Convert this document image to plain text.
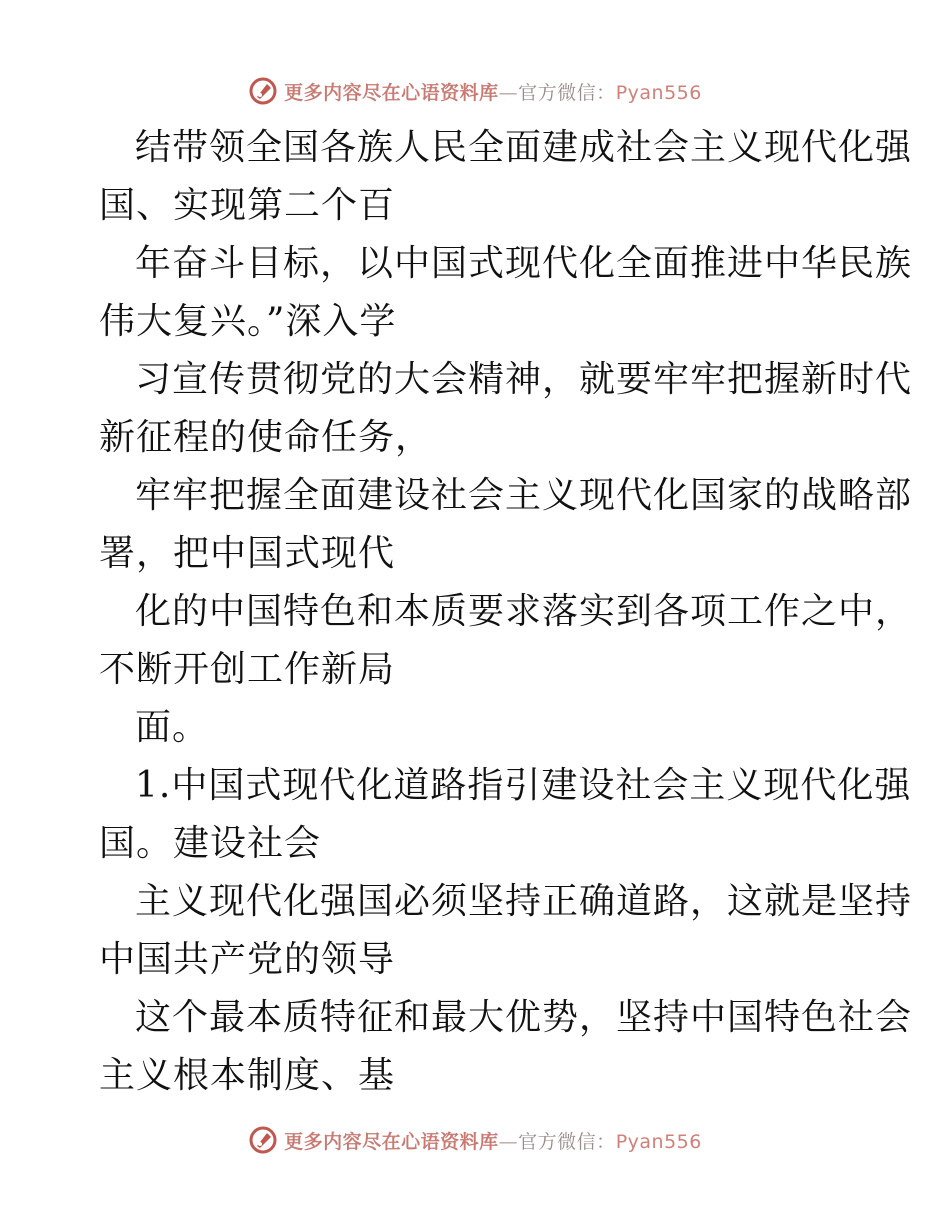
更多内容尽在心语资料库—官方微信：Pyan556
结带领全国各族人民全面建成社会主义现代化强
国、实现第二个百
年奋斗目标，以中国式现代化全面推进中华民族
伟大复兴。”深入学
习宣传贯彻党的大会精神，就要牢牢把握新时代
新征程的使命任务，
牢牢把握全面建设社会主义现代化国家的战略部
署，把中国式现代
化的中国特色和本质要求落实到各项工作之中，
不断开创工作新局
面。
1.中国式现代化道路指引建设社会主义现代化强
国。建设社会
主义现代化强国必须坚持正确道路，这就是坚持
中国共产党的领导
这个最本质特征和最大优势，坚持中国特色社会
主义根本制度、基
更多内容尽在心语资料库—官方微信：Pyan556
